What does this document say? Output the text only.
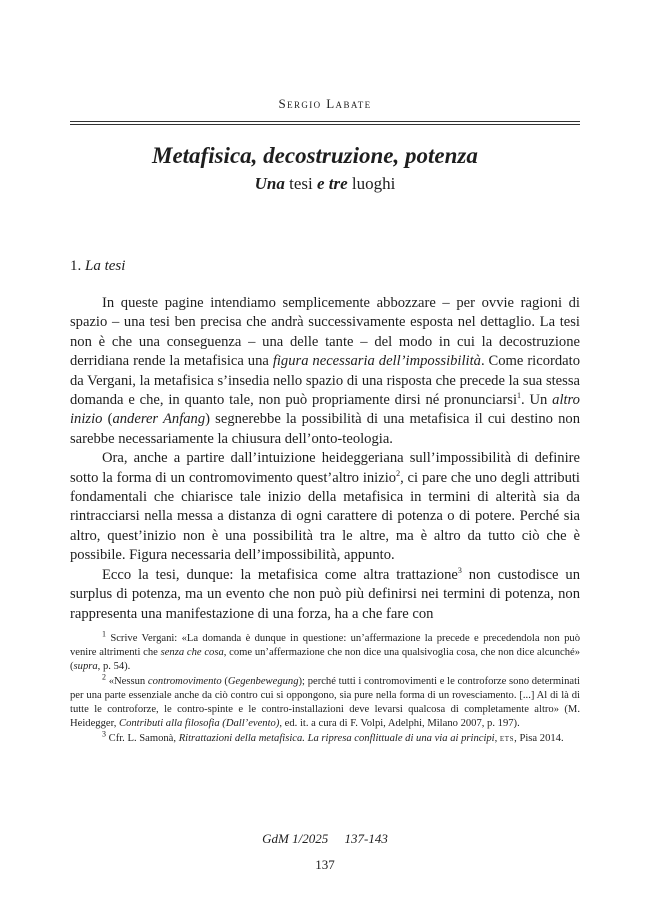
Sergio Labate
Metafisica, decostruzione, potenza
Una tesi e tre luoghi
1. La tesi

In queste pagine intendiamo semplicemente abbozzare – per ovvie ragioni di spazio – una tesi ben precisa che andrà successivamente esposta nel dettaglio. La tesi non è che una conseguenza – una delle tante – del modo in cui la decostruzione derridiana rende la metafisica una figura necessaria dell’impossibilità. Come ricordato da Vergani, la metafisica s’insedia nello spazio di una risposta che precede la sua stessa domanda e che, in quanto tale, non può propriamente dirsi né pronunciarsi$^1$. Un altro inizio (anderer Anfang) segnerebbe la possibilità di una metafisica il cui destino non sarebbe necessariamente la chiusura dell’onto-teologia.

Ora, anche a partire dall’intuizione heideggeriana sull’impossibilità di definire sotto la forma di un contromovimento quest’altro inizio$^2$, ci pare che uno degli attributi fondamentali che chiarisce tale inizio della metafisica in termini di alterità sia da rintracciarsi nella messa a distanza di ogni carattere di potenza o di potere. Perché sia altro, quest’inizio non è una possibilità tra le altre, ma è altro da tutto ciò che è possibile. Figura necessaria dell’impossibilità, appunto.

Ecco la tesi, dunque: la metafisica come altra trattazione$^3$ non custodisce un surplus di potenza, ma un evento che non può più definirsi nei termini di potenza, non rappresenta una manifestazione di una forza, ha a che fare con

$^1$ Scrive Vergani: «La domanda è dunque in questione: un’affermazione la precede e precedendola non può venire altrimenti che senza che cosa, come un’affermazione che non dice una qualsivoglia cosa, che non dice alcunché» (supra, p. 54).

$^2$ «Nessun contromovimento (Gegenbewegung); perché tutti i contromovimenti e le controforze sono determinati per una parte essenziale anche da ciò contro cui si oppongono, sia pure nella forma di un rovesciamento. [...] Al di là di tutte le controforze, le contro-spinte e le contro-installazioni deve levarsi qualcosa di completamente altro» (M. Heidegger, Contributi alla filosofia (Dall’evento), ed. it. a cura di F. Volpi, Adelphi, Milano 2007, p. 197).

$^3$ Cfr. L. Samonà, Ritrattazioni della metafisica. La ripresa conflittuale di una via ai principi, ets, Pisa 2014.

GdM 1/2025     137-143
137
